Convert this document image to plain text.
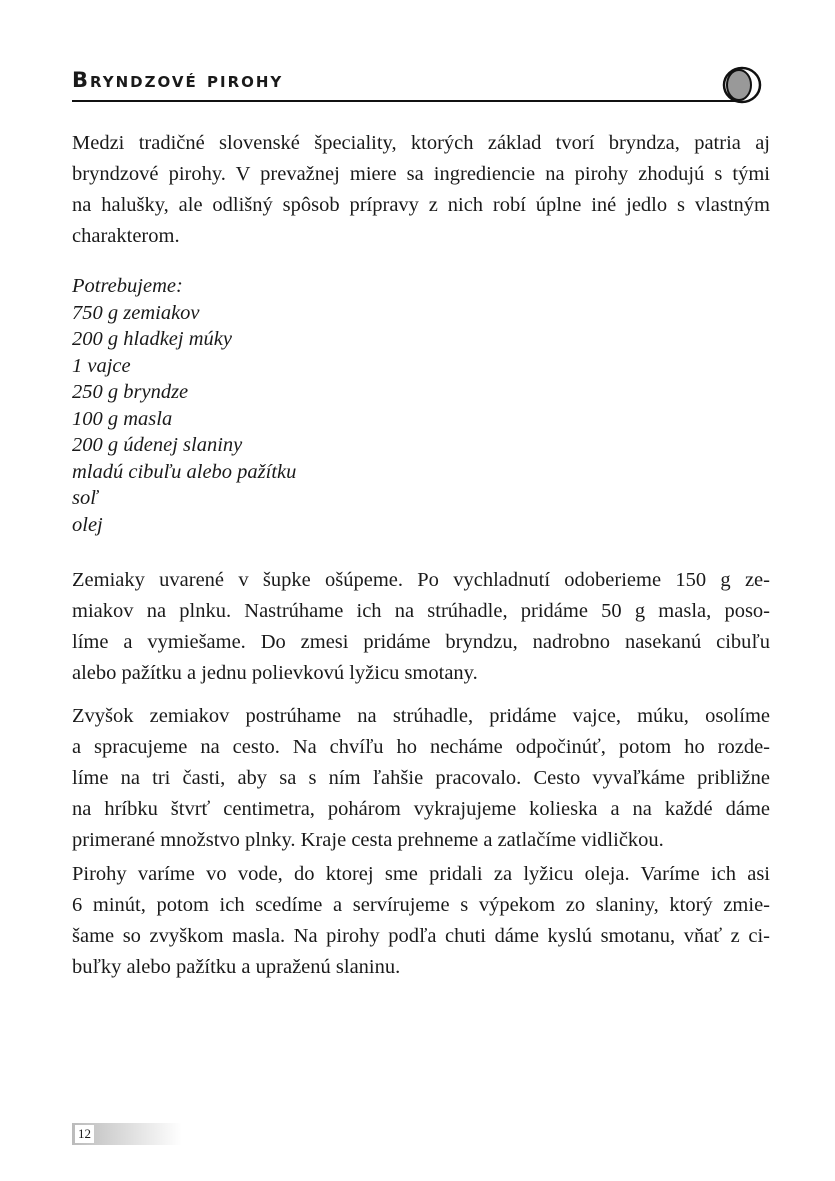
Bryndzové pirohy
Medzi tradičné slovenské špeciality, ktorých základ tvorí bryndza, patria aj
bryndzové pirohy. V prevažnej miere sa ingrediencie na pirohy zhodujú s tými
na halušky, ale odlišný spôsob prípravy z nich robí úplne iné jedlo s vlastným
charakterom.
Potrebujeme:
750 g zemiakov
200 g hladkej múky
1 vajce
250 g bryndze
100 g masla
200 g údenej slaniny
mladú cibuľu alebo pažítku
soľ
olej
Zemiaky uvarené v šupke ošúpeme. Po vychladnutí odoberieme 150 g ze-
miakov na plnku. Nastrúhame ich na strúhadle, pridáme 50 g masla, poso-
líme a vymiešame. Do zmesi pridáme bryndzu, nadrobno nasekanú cibuľu
alebo pažítku a jednu polievkovú lyžicu smotany.
Zvyšok zemiakov postrúhame na strúhadle, pridáme vajce, múku, osolíme
a spracujeme na cesto. Na chvíľu ho necháme odpočinúť, potom ho rozde-
líme na tri časti, aby sa s ním ľahšie pracovalo. Cesto vyvaľkáme približne
na hríbku štvrť centimetra, pohárom vykrajujeme kolieska a na každé dáme
primerané množstvo plnky. Kraje cesta prehneme a zatlačíme vidličkou.
Pirohy varíme vo vode, do ktorej sme pridali za lyžicu oleja. Varíme ich asi
6 minút, potom ich scedíme a servírujeme s výpekom zo slaniny, ktorý zmie-
šame so zvyškom masla. Na pirohy podľa chuti dáme kyslú smotanu, vňať z ci-
buľky alebo pažítku a upraženú slaninu.
12
